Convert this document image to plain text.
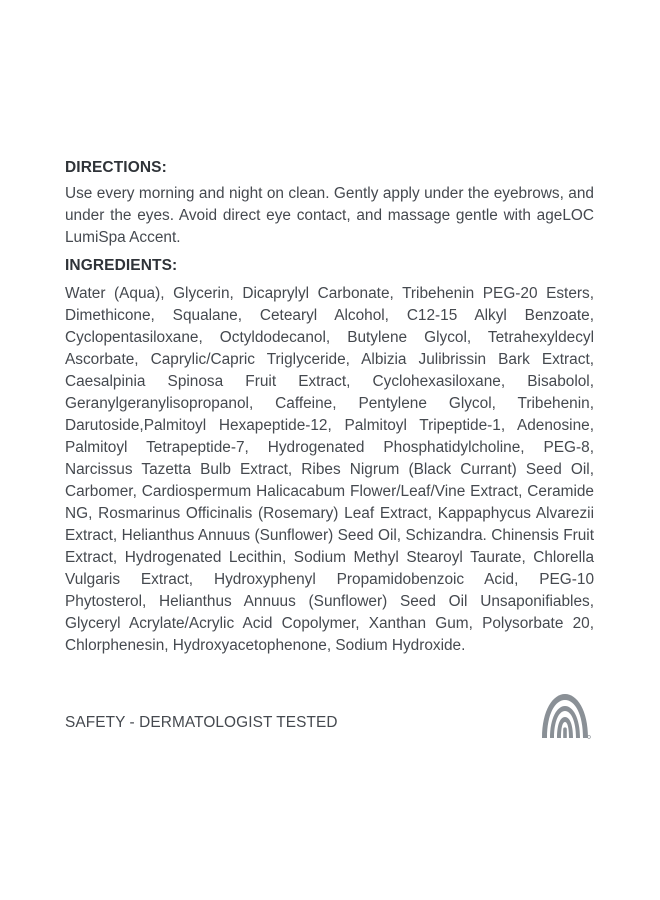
DIRECTIONS:

Use every morning and night on clean. Gently apply under the eyebrows, and under the eyes. Avoid direct eye contact, and massage gentle with ageLOC LumiSpa Accent.

INGREDIENTS:

Water (Aqua), Glycerin, Dicaprylyl Carbonate, Tribehenin PEG-20 Esters, Dimethicone, Squalane, Cetearyl Alcohol, C12-15 Alkyl Benzoate, Cyclopentasiloxane, Octyldodecanol, Butylene Glycol, Tetrahexyldecyl Ascorbate, Caprylic/Capric Triglyceride, Albizia Julibrissin Bark Extract, Caesalpinia Spinosa Fruit Extract, Cyclohexasiloxane, Bisabolol, Geranylgeranylisopropanol, Caffeine, Pentylene Glycol, Tribehenin, Darutoside,Palmitoyl Hexapeptide-12, Palmitoyl Tripeptide-1, Adenosine, Palmitoyl Tetrapeptide-7, Hydrogenated Phosphatidylcholine, PEG-8, Narcissus Tazetta Bulb Extract, Ribes Nigrum (Black Currant) Seed Oil, Carbomer, Cardiospermum Halicacabum Flower/Leaf/Vine Extract, Ceramide NG, Rosmarinus Officinalis (Rosemary) Leaf Extract, Kappaphycus Alvarezii Extract, Helianthus Annuus (Sunflower) Seed Oil, Schizandra. Chinensis Fruit Extract, Hydrogenated Lecithin, Sodium Methyl Stearoyl Taurate, Chlorella Vulgaris Extract, Hydroxyphenyl Propamidobenzoic Acid, PEG-10 Phytosterol, Helianthus Annuus (Sunflower) Seed Oil Unsaponifiables, Glyceryl Acrylate/Acrylic Acid Copolymer, Xanthan Gum, Polysorbate 20, Chlorphenesin, Hydroxyacetophenone, Sodium Hydroxide.

SAFETY - DERMATOLOGIST TESTED
